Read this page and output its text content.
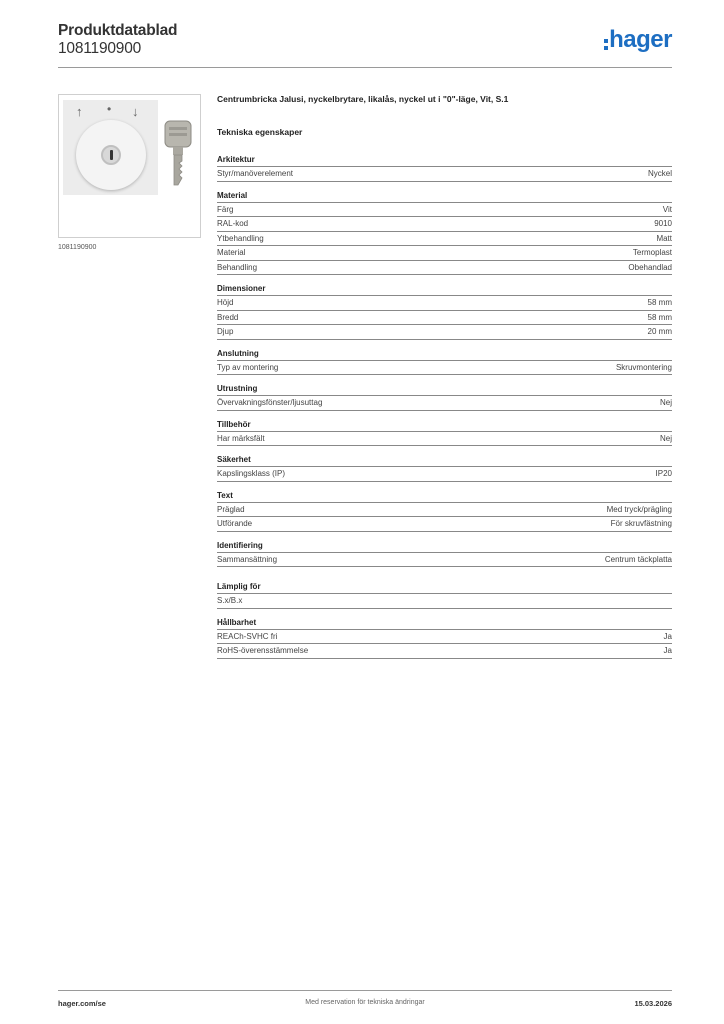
Produktdatablad
1081190900	hager
↑ • ↓
1081190900
Centrumbricka Jalusi, nyckelbrytare, likalås, nyckel ut i "0"-läge, Vit, S.1
Tekniska egenskaper
Arkitektur
Styr/manöverelement	Nyckel
Material
Färg	Vit
RAL-kod	9010
Ytbehandling	Matt
Material	Termoplast
Behandling	Obehandlad
Dimensioner
Höjd	58 mm
Bredd	58 mm
Djup	20 mm
Anslutning
Typ av montering	Skruvmontering
Utrustning
Övervakningsfönster/ljusuttag	Nej
Tillbehör
Har märksfält	Nej
Säkerhet
Kapslingsklass (IP)	IP20
Text
Präglad	Med tryck/prägling
Utförande	För skruvfästning
Identifiering
Sammansättning	Centrum täckplatta
Lämplig för
S.x/B.x
Hållbarhet
REACh-SVHC fri	Ja
RoHS-överensstämmelse	Ja
hager.com/se	Med reservation för tekniska ändringar	15.03.2026
